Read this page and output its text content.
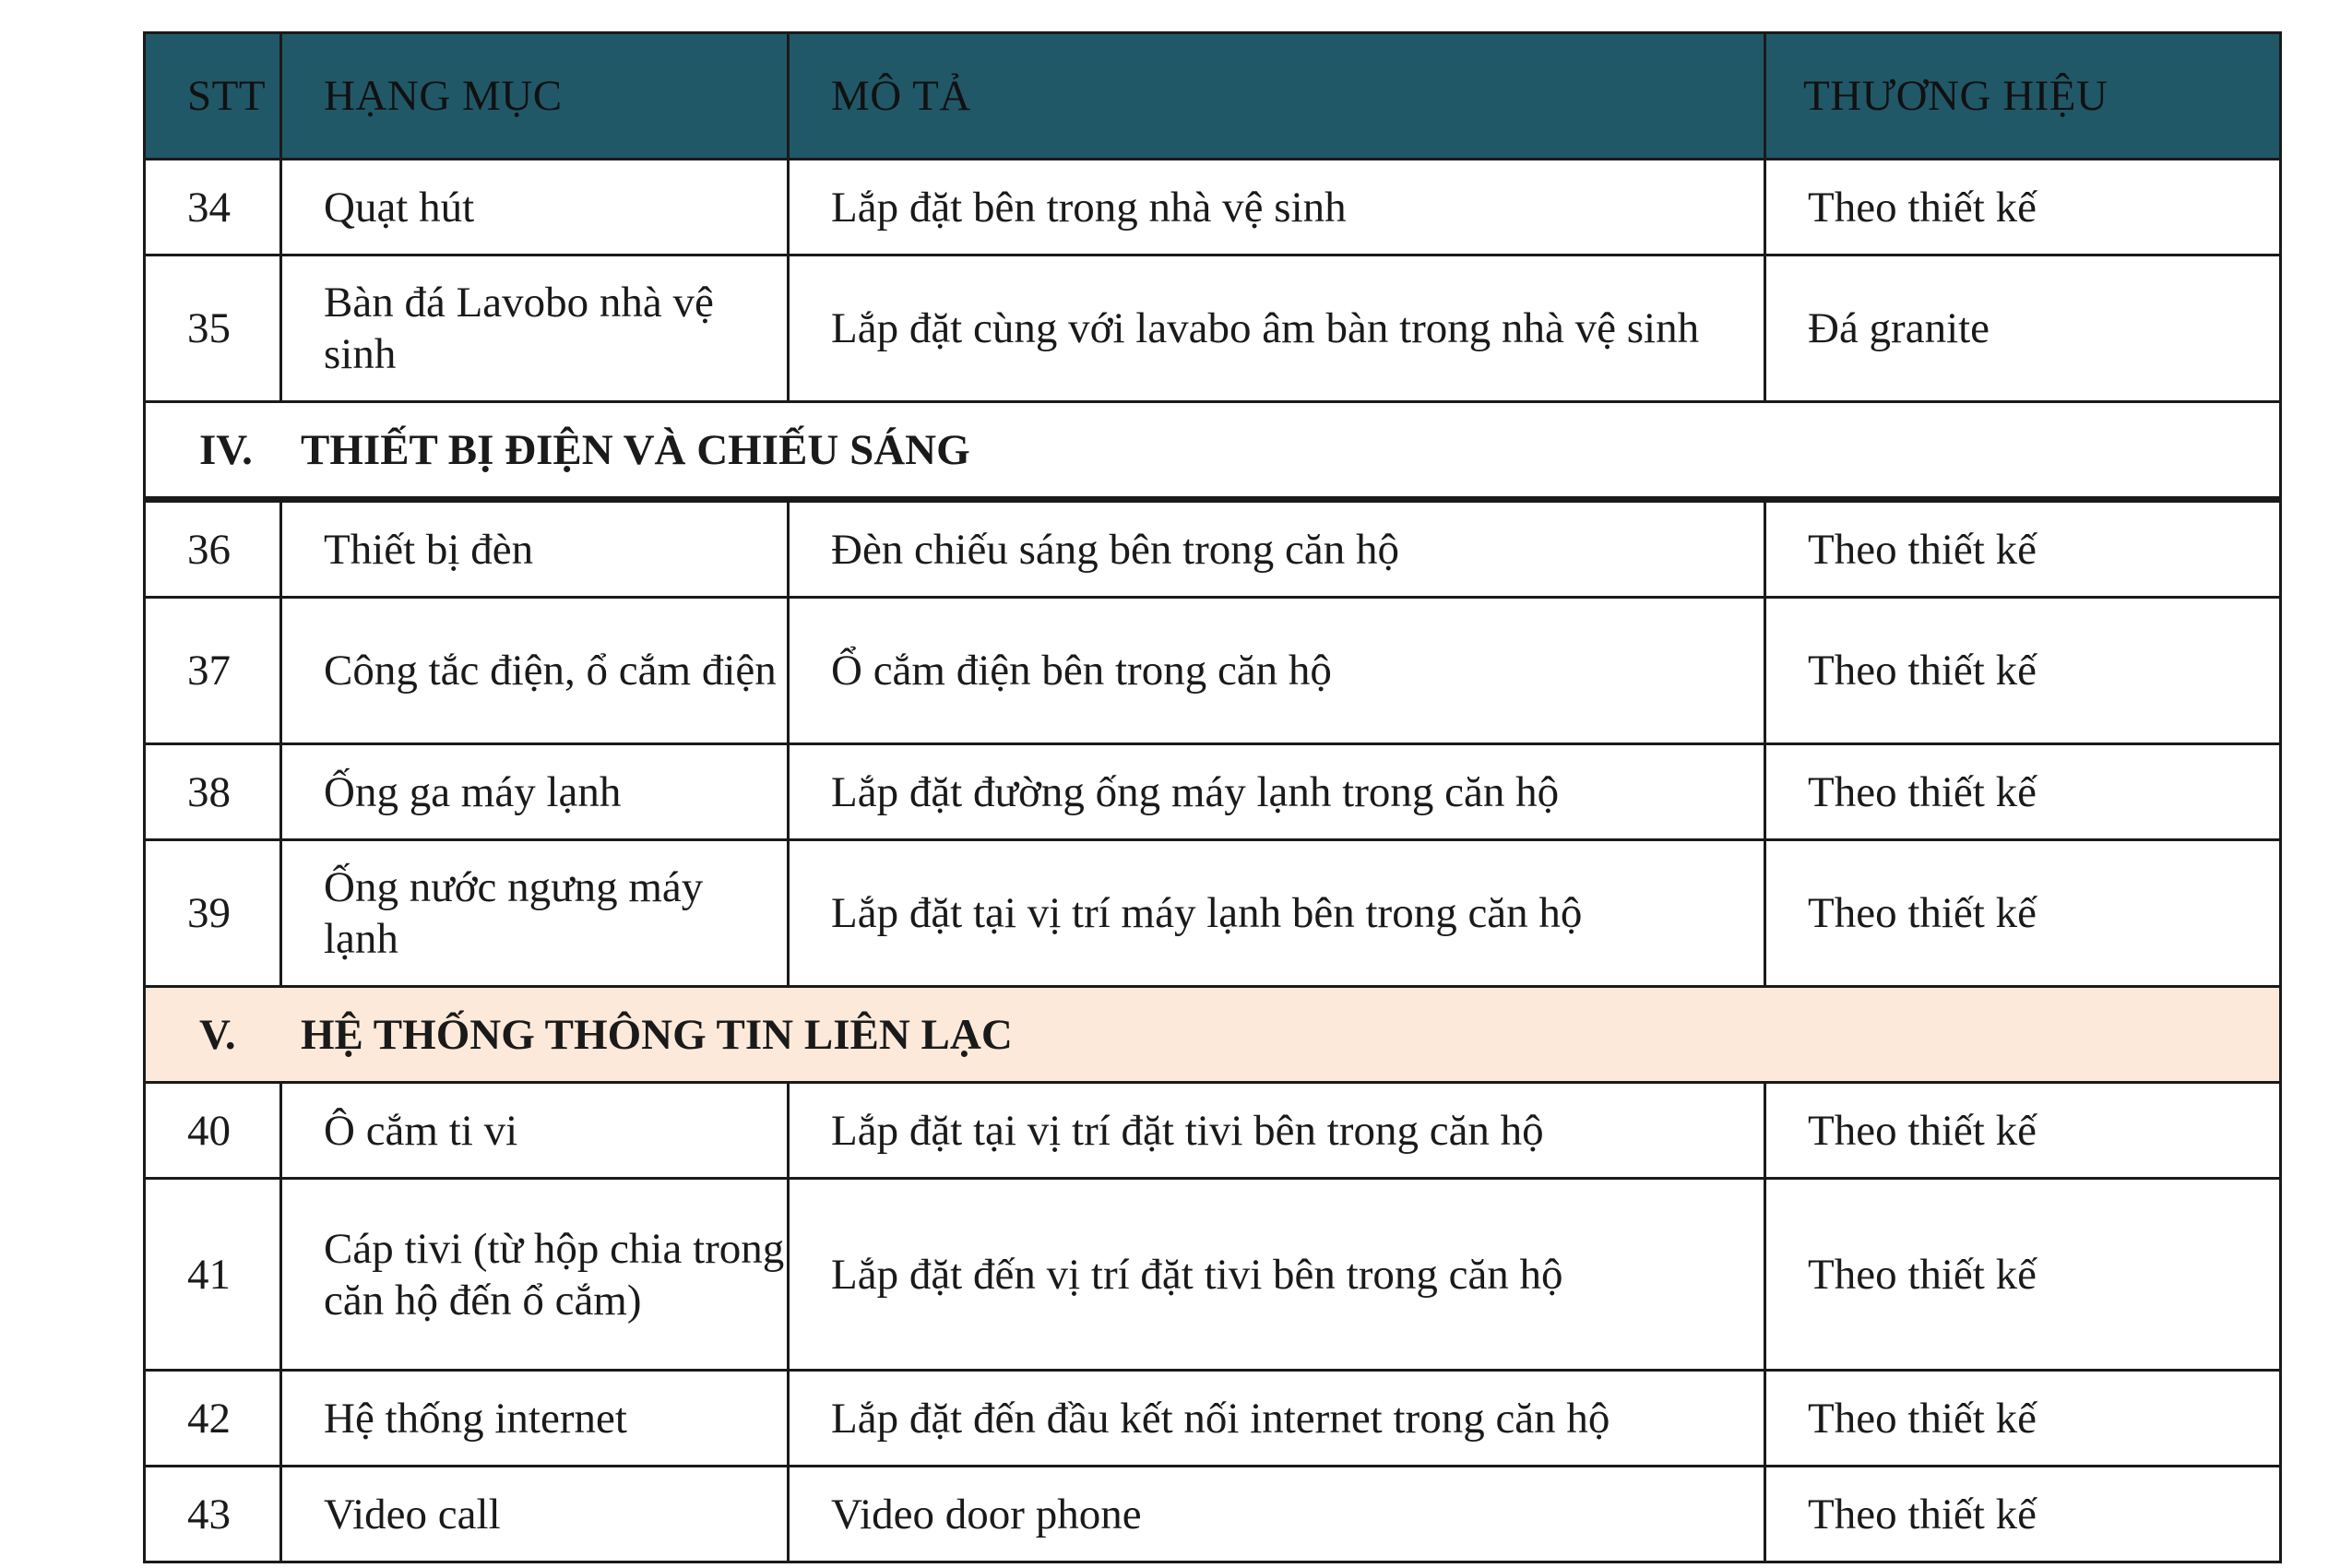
STT	HẠNG MỤC	MÔ TẢ	THƯƠNG HIỆU
34	Quạt hút	Lắp đặt bên trong nhà vệ sinh	Theo thiết kế
35	Bàn đá Lavobo nhà vệ sinh	Lắp đặt cùng với lavabo âm bàn trong nhà vệ sinh	Đá granite
IV. THIẾT BỊ ĐIỆN VÀ CHIẾU SÁNG			
36	Thiết bị đèn	Đèn chiếu sáng bên trong căn hộ	Theo thiết kế
37	Công tắc điện, ổ cắm điện	Ổ cắm điện bên trong căn hộ	Theo thiết kế
38	Ống ga máy lạnh	Lắp đặt đường ống máy lạnh trong căn hộ	Theo thiết kế
39	Ống nước ngưng máy lạnh	Lắp đặt tại vị trí máy lạnh bên trong căn hộ	Theo thiết kế
V. HỆ THỐNG THÔNG TIN LIÊN LẠC			
40	Ô cắm ti vi	Lắp đặt tại vị trí đặt tivi bên trong căn hộ	Theo thiết kế
41	Cáp tivi (từ hộp chia trong căn hộ đến ổ cắm)	Lắp đặt đến vị trí đặt tivi bên trong căn hộ	Theo thiết kế
42	Hệ thống internet	Lắp đặt đến đầu kết nối internet trong căn hộ	Theo thiết kế
43	Video call	Video door phone	Theo thiết kế
